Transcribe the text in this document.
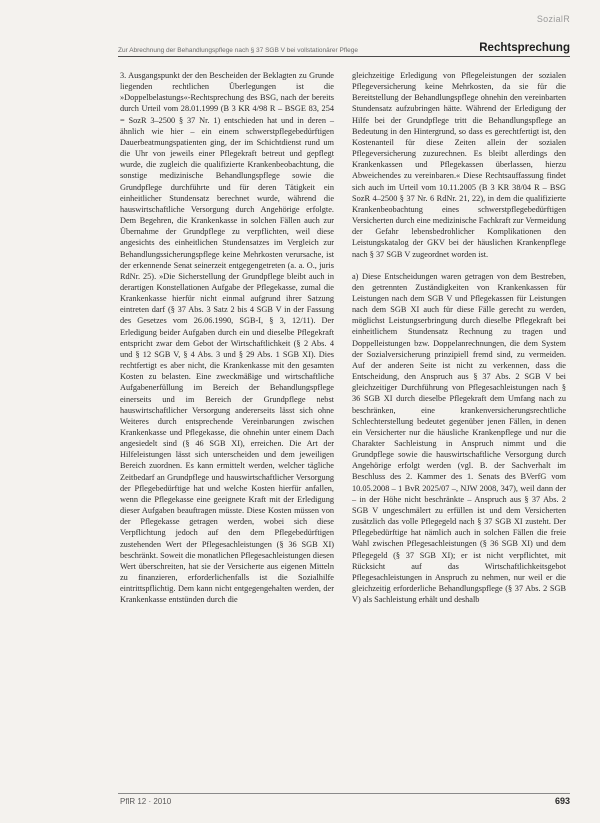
SozialR
Zur Abrechnung der Behandlungspflege nach § 37 SGB V bei vollstationärer Pflege	Rechtsprechung

3. Ausgangspunkt der den Bescheiden der Beklagten zu Grunde liegenden rechtlichen Überlegungen ist die »Doppelbelastungs«-Rechtsprechung des BSG, nach der bereits durch Urteil vom 28.01.1999 (B 3 KR 4/98 R – BSGE 83, 254 = SozR 3–2500 § 37 Nr. 1) entschieden hat und in deren – ähnlich wie hier – ein einem schwerstpflegebedürftigen Dauerbeatmungspatienten ging, der im Schichtdienst rund um die Uhr von jeweils einer Pflegekraft betreut und gepflegt wurde, die zugleich die qualifizierte Krankenbeobachtung, die sonstige medizinische Behandlungspflege sowie die Grundpflege durchführte und für deren Tätigkeit ein einheitlicher Stundensatz berechnet wurde, während die hauswirtschaftliche Versorgung durch Angehörige erfolgte. Dem Begehren, die Krankenkasse in solchen Fällen auch zur Übernahme der Grundpflege zu verpflichten, weil diese angesichts des einheitlichen Stundensatzes im Vergleich zur Behandlungssicherungspflege keine Mehrkosten verursache, ist der erkennende Senat seinerzeit entgegengetreten (a. a. O., juris RdNr. 25). »Die Sicherstellung der Grundpflege bleibt auch in derartigen Konstellationen Aufgabe der Pflegekasse, zumal die Krankenkasse hierfür nicht einmal aufgrund ihrer Satzung eintreten darf (§ 37 Abs. 3 Satz 2 bis 4 SGB V in der Fassung des Gesetzes vom 26.06.1990, SGB-I, § 3, 12/11). Der Erledigung beider Aufgaben durch ein und dieselbe Pflegekraft entspricht zwar dem Gebot der Wirtschaftlichkeit (§ 2 Abs. 4 und § 12 SGB V, § 4 Abs. 3 und § 29 Abs. 1 SGB XI). Dies rechtfertigt es aber nicht, die Krankenkasse mit den gesamten Kosten zu belasten. Eine zweckmäßige und wirtschaftliche Aufgabenerfüllung im Bereich der Behandlungspflege einerseits und im Bereich der Grundpflege nebst hauswirtschaftlicher Versorgung andererseits lässt sich ohne Weiteres durch entsprechende Vereinbarungen zwischen Krankenkasse und Pflegekasse, die ohnehin unter einem Dach angesiedelt sind (§ 46 SGB XI), erreichen. Die Art der Hilfeleistungen lässt sich unterscheiden und dem jeweiligen Bereich zuordnen. Es kann ermittelt werden, welcher tägliche Zeitbedarf an Grundpflege und hauswirtschaftlicher Versorgung der Pflegebedürftige hat und welche Kosten hierfür anfallen, wenn die Pflegekasse eine geeignete Kraft mit der Erledigung dieser Aufgaben beauftragen müsste. Diese Kosten müssen von der Pflegekasse getragen werden, wobei sich diese Verpflichtung jedoch auf den dem Pflegebedürftigen zustehenden Wert der Pflegesachleistungen (§ 36 SGB XI) beschränkt. Soweit die monatlichen Pflegesachleistungen diesen Wert überschreiten, hat sie der Versicherte aus eigenen Mitteln zu finanzieren, erforderlichenfalls ist die Sozialhilfe eintrittspflichtig. Dem kann nicht entgegengehalten werden, der Krankenkasse entstünden durch die

gleichzeitige Erledigung von Pflegeleistungen der sozialen Pflegeversicherung keine Mehrkosten, da sie für die Bereitstellung der Behandlungspflege ohnehin den vereinbarten Stundensatz aufzubringen hätte. Während der Erledigung der Hilfe bei der Grundpflege tritt die Behandlungspflege an Bedeutung in den Hintergrund, so dass es gerechtfertigt ist, den Kostenanteil für diese Zeiten allein der sozialen Pflegeversicherung zuzurechnen. Es bleibt allerdings den Krankenkassen und Pflegekassen überlassen, hierzu Abweichendes zu vereinbaren.« Diese Rechtsauffassung findet sich auch im Urteil vom 10.11.2005 (B 3 KR 38/04 R – BSG SozR 4–2500 § 37 Nr. 6 RdNr. 21, 22), in dem die qualifizierte Krankenbeobachtung eines schwerstpflegebedürftigen Versicherten durch eine medizinische Fachkraft zur Vermeidung der Gefahr lebensbedrohlicher Komplikationen den Leistungskatalog der GKV bei der häuslichen Krankenpflege nach § 37 SGB V zugeordnet worden ist.

a) Diese Entscheidungen waren getragen von dem Bestreben, den getrennten Zuständigkeiten von Krankenkassen für Leistungen nach dem SGB V und Pflegekassen für Leistungen nach dem SGB XI auch für diese Fälle gerecht zu werden, möglichst Leistungserbringung durch dieselbe Pflegekraft bei einheitlichem Stundensatz Rechnung zu tragen und Doppelleistungen bzw. Doppelanrechnungen, die dem System der Sozialversicherung prinzipiell fremd sind, zu vermeiden. Auf der anderen Seite ist nicht zu verkennen, dass die Entscheidung, den Anspruch aus § 37 Abs. 2 SGB V bei gleichzeitiger Durchführung von Pflegesachleistungen nach § 36 SGB XI durch dieselbe Pflegekraft dem Umfang nach zu beschränken, eine krankenversicherungsrechtliche Schlechterstellung bedeutet gegenüber jenen Fällen, in denen ein Versicherter nur die häusliche Krankenpflege und nur die Charakter Sachleistung in Anspruch nimmt und die Grundpflege sowie die hauswirtschaftliche Versorgung durch Angehörige erfolgt werden (vgl. B. der Sachverhalt im Beschluss des 2. Kammer des 1. Senats des BVerfG vom 10.05.2008 – 1 BvR 2025/07 –, NJW 2008, 347), weil dann der – in der Höhe nicht beschränkte – Anspruch aus § 37 Abs. 2 SGB V ungeschmälert zu erfüllen ist und dem Versicherten zusätzlich das volle Pflegegeld nach § 37 SGB XI zusteht. Der Pflegebedürftige hat nämlich auch in solchen Fällen die freie Wahl zwischen Pflegesachleistungen (§ 36 SGB XI) und dem Pflegegeld (§ 37 SGB XI); er ist nicht verpflichtet, mit Rücksicht auf das Wirtschaftlichkeitsgebot Pflegesachleistungen in Anspruch zu nehmen, nur weil er die gleichzeitig erforderliche Behandlungspflege (§ 37 Abs. 2 SGB V) als Sachleistung erhält und deshalb

PflR 12 · 2010	693
